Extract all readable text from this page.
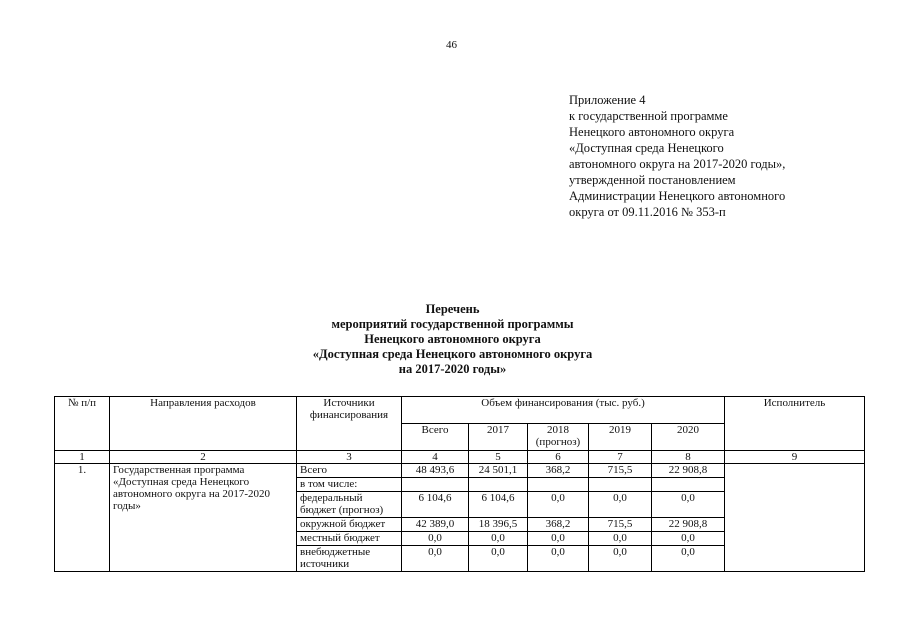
46
Приложение 4
к государственной программе
Ненецкого автономного округа
«Доступная среда Ненецкого
автономного округа на 2017-2020 годы»,
утвержденной постановлением
Администрации Ненецкого автономного
округа от 09.11.2016 № 353-п
Перечень
мероприятий государственной программы
Ненецкого автономного округа
«Доступная среда Ненецкого автономного округа
на 2017-2020 годы»
№ п/п	Направления расходов	Источники финансирования	Объем финансирования (тыс. руб.)					Исполнитель
			Всего	2017	2018 (прогноз)	2019	2020	
1	2	3	4	5	6	7	8	9
1.	Государственная программа «Доступная среда Ненецкого автономного округа на 2017-2020 годы»	Всего	48 493,6	24 501,1	368,2	715,5	22 908,8	
		в том числе:						
		федеральный бюджет (прогноз)	6 104,6	6 104,6	0,0	0,0	0,0	
		окружной бюджет	42 389,0	18 396,5	368,2	715,5	22 908,8	
		местный бюджет	0,0	0,0	0,0	0,0	0,0	
		внебюджетные источники	0,0	0,0	0,0	0,0	0,0	
